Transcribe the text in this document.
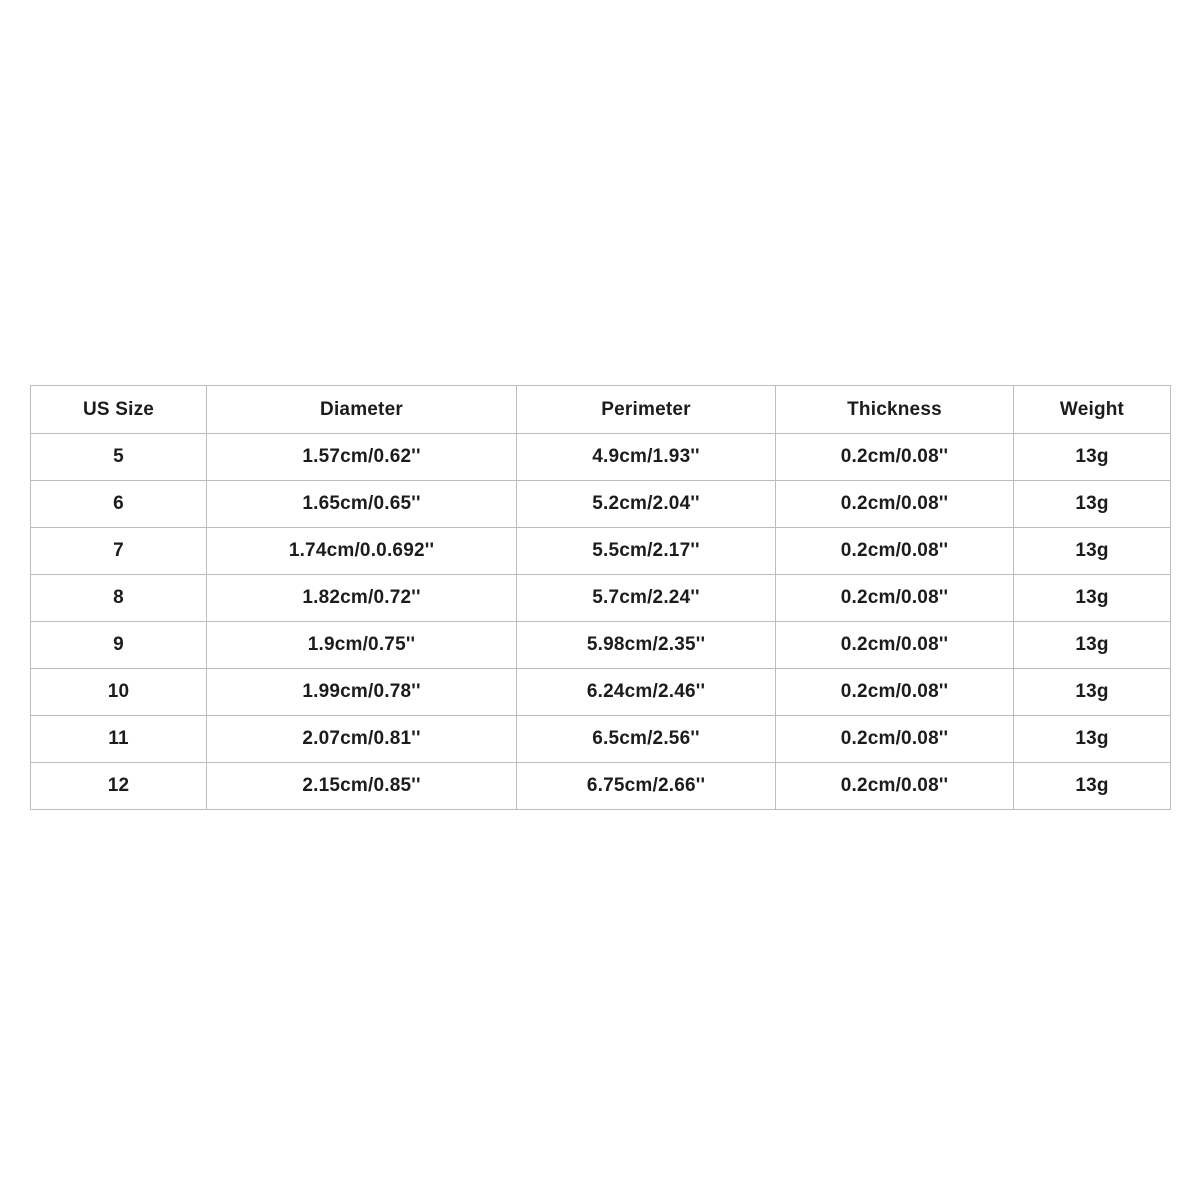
US Size	Diameter	Perimeter	Thickness	Weight
5	1.57cm/0.62''	4.9cm/1.93''	0.2cm/0.08''	13g
6	1.65cm/0.65''	5.2cm/2.04''	0.2cm/0.08''	13g
7	1.74cm/0.0.692''	5.5cm/2.17''	0.2cm/0.08''	13g
8	1.82cm/0.72''	5.7cm/2.24''	0.2cm/0.08''	13g
9	1.9cm/0.75''	5.98cm/2.35''	0.2cm/0.08''	13g
10	1.99cm/0.78''	6.24cm/2.46''	0.2cm/0.08''	13g
11	2.07cm/0.81''	6.5cm/2.56''	0.2cm/0.08''	13g
12	2.15cm/0.85''	6.75cm/2.66''	0.2cm/0.08''	13g
